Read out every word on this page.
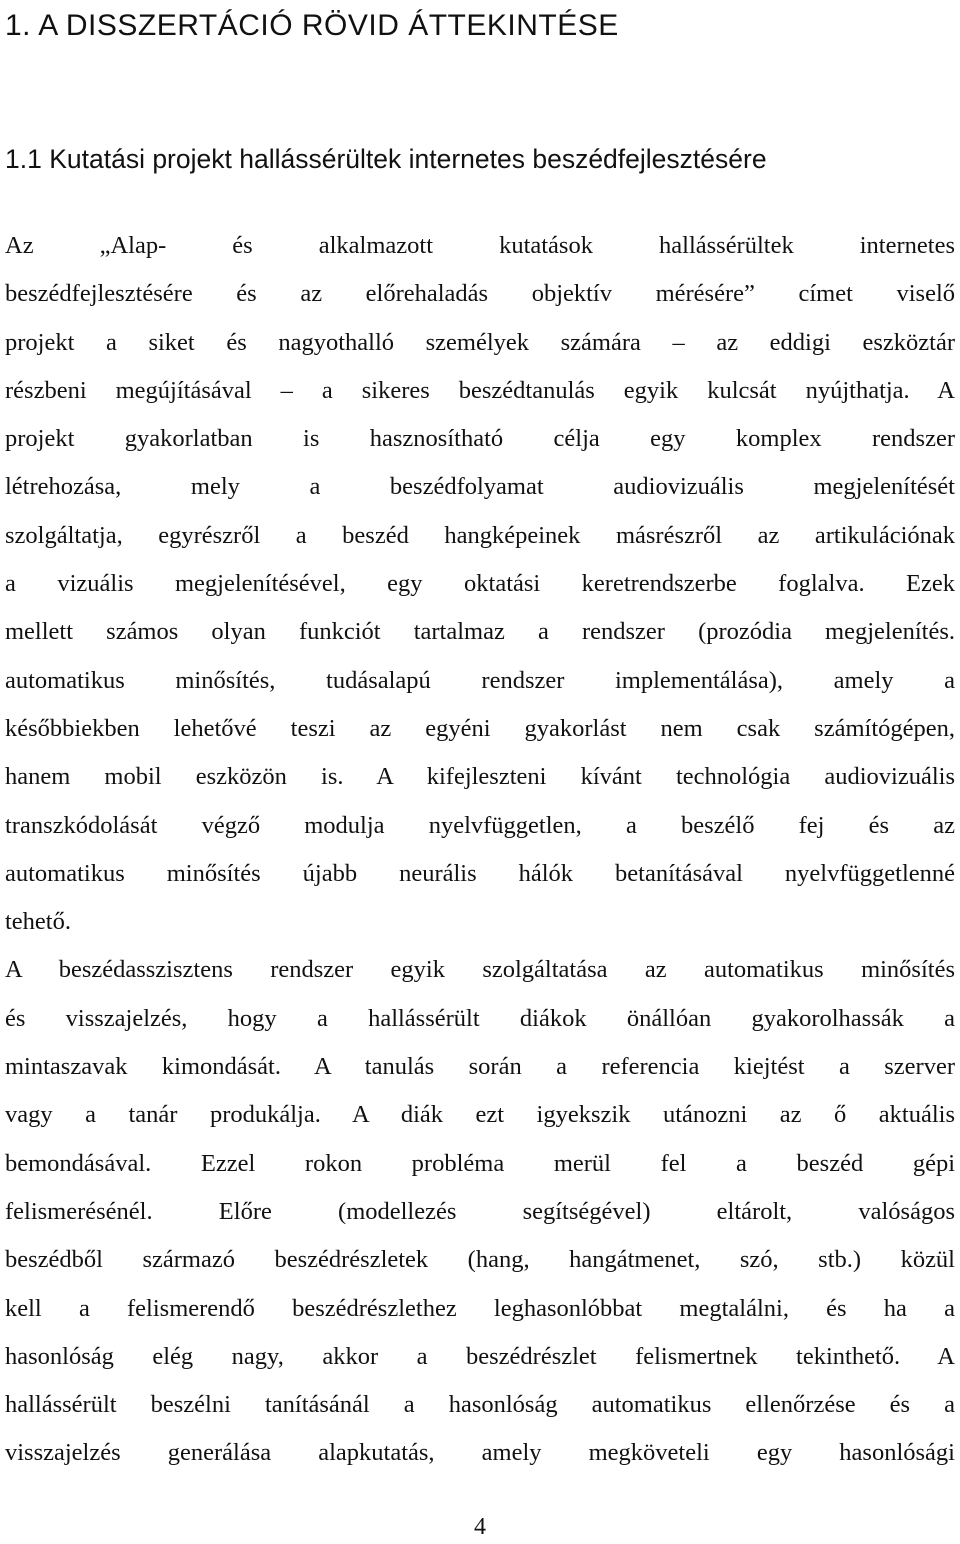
1. A DISSZERTÁCIÓ RÖVID ÁTTEKINTÉSE
1.1 Kutatási projekt hallássérültek internetes beszédfejlesztésére
Az „Alap- és alkalmazott kutatások hallássérültek internetes
beszédfejlesztésére és az előrehaladás objektív mérésére” címet viselő
projekt a siket és nagyothalló személyek számára – az eddigi eszköztár
részbeni megújításával – a sikeres beszédtanulás egyik kulcsát nyújthatja. A
projekt gyakorlatban is hasznosítható célja egy komplex rendszer
létrehozása, mely a beszédfolyamat audiovizuális megjelenítését
szolgáltatja, egyrészről a beszéd hangképeinek másrészről az artikulációnak
a vizuális megjelenítésével, egy oktatási keretrendszerbe foglalva. Ezek
mellett számos olyan funkciót tartalmaz a rendszer (prozódia megjelenítés.
automatikus minősítés, tudásalapú rendszer implementálása), amely a
későbbiekben lehetővé teszi az egyéni gyakorlást nem csak számítógépen,
hanem mobil eszközön is. A kifejleszteni kívánt technológia audiovizuális
transzkódolását végző modulja nyelvfüggetlen, a beszélő fej és az
automatikus minősítés újabb neurális hálók betanításával nyelvfüggetlenné
tehető.
A beszédasszisztens rendszer egyik szolgáltatása az automatikus minősítés
és visszajelzés, hogy a hallássérült diákok önállóan gyakorolhassák a
mintaszavak kimondását. A tanulás során a referencia kiejtést a szerver
vagy a tanár produkálja. A diák ezt igyekszik utánozni az ő aktuális
bemondásával. Ezzel rokon probléma merül fel a beszéd gépi
felismerésénél. Előre (modellezés segítségével) eltárolt, valóságos
beszédből származó beszédrészletek (hang, hangátmenet, szó, stb.) közül
kell a felismerendő beszédrészlethez leghasonlóbbat megtalálni, és ha a
hasonlóság elég nagy, akkor a beszédrészlet felismertnek tekinthető. A
hallássérült beszélni tanításánál a hasonlóság automatikus ellenőrzése és a
visszajelzés generálása alapkutatás, amely megköveteli egy hasonlósági
4
